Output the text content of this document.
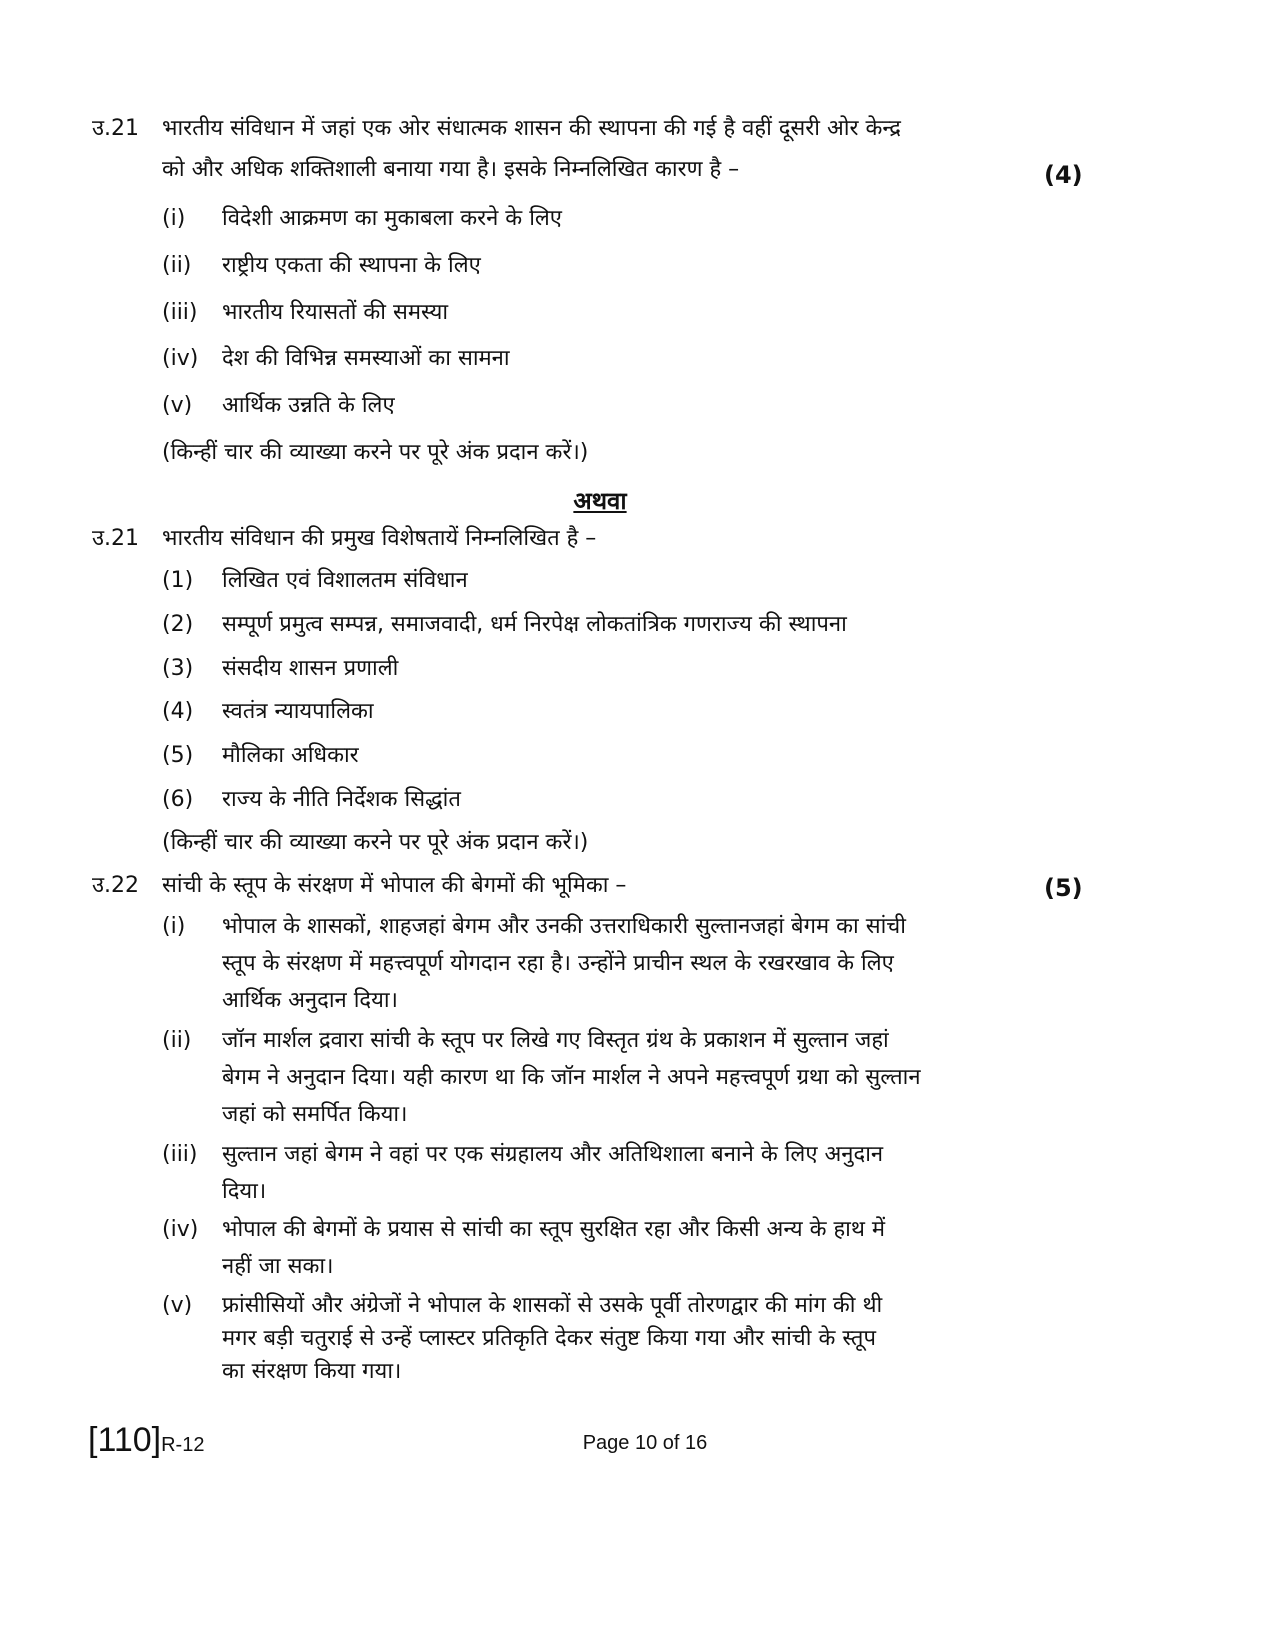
उ.21 भारतीय संविधान में जहां एक ओर संधात्मक शासन की स्थापना की गई है वहीं दूसरी ओर केन्द्र
को और अधिक शक्तिशाली बनाया गया है। इसके निम्नलिखित कारण है –	(4)
(i) विदेशी आक्रमण का मुकाबला करने के लिए
(ii) राष्ट्रीय एकता की स्थापना के लिए
(iii) भारतीय रियासतों की समस्या
(iv) देश की विभिन्न समस्याओं का सामना
(v) आर्थिक उन्नति के लिए
(किन्हीं चार की व्याख्या करने पर पूरे अंक प्रदान करें।)
अथवा
उ.21 भारतीय संविधान की प्रमुख विशेषतायें निम्नलिखित है –
(1) लिखित एवं विशालतम संविधान
(2) सम्पूर्ण प्रमुत्व सम्पन्न, समाजवादी, धर्म निरपेक्ष लोकतांत्रिक गणराज्य की स्थापना
(3) संसदीय शासन प्रणाली
(4) स्वतंत्र न्यायपालिका
(5) मौलिका अधिकार
(6) राज्य के नीति निर्देशक सिद्धांत
(किन्हीं चार की व्याख्या करने पर पूरे अंक प्रदान करें।)
उ.22 सांची के स्तूप के संरक्षण में भोपाल की बेगमों की भूमिका –	(5)
(i) भोपाल के शासकों, शाहजहां बेगम और उनकी उत्तराधिकारी सुल्तानजहां बेगम का सांची
स्तूप के संरक्षण में महत्त्वपूर्ण योगदान रहा है। उन्होंने प्राचीन स्थल के रखरखाव के लिए
आर्थिक अनुदान दिया।
(ii) जॉन मार्शल द्रवारा सांची के स्तूप पर लिखे गए विस्तृत ग्रंथ के प्रकाशन में सुल्तान जहां
बेगम ने अनुदान दिया। यही कारण था कि जॉन मार्शल ने अपने महत्त्वपूर्ण ग्रथा को सुल्तान
जहां को समर्पित किया।
(iii) सुल्तान जहां बेगम ने वहां पर एक संग्रहालय और अतिथिशाला बनाने के लिए अनुदान
दिया।
(iv) भोपाल की बेगमों के प्रयास से सांची का स्तूप सुरक्षित रहा और किसी अन्य के हाथ में
नहीं जा सका।
(v) फ्रांसीसियों और अंग्रेजों ने भोपाल के शासकों से उसके पूर्वी तोरणद्वार की मांग की थी
मगर बड़ी चतुराई से उन्हें प्लास्टर प्रतिकृति देकर संतुष्ट किया गया और सांची के स्तूप
का संरक्षण किया गया।
[110]R-12	Page 10 of 16
